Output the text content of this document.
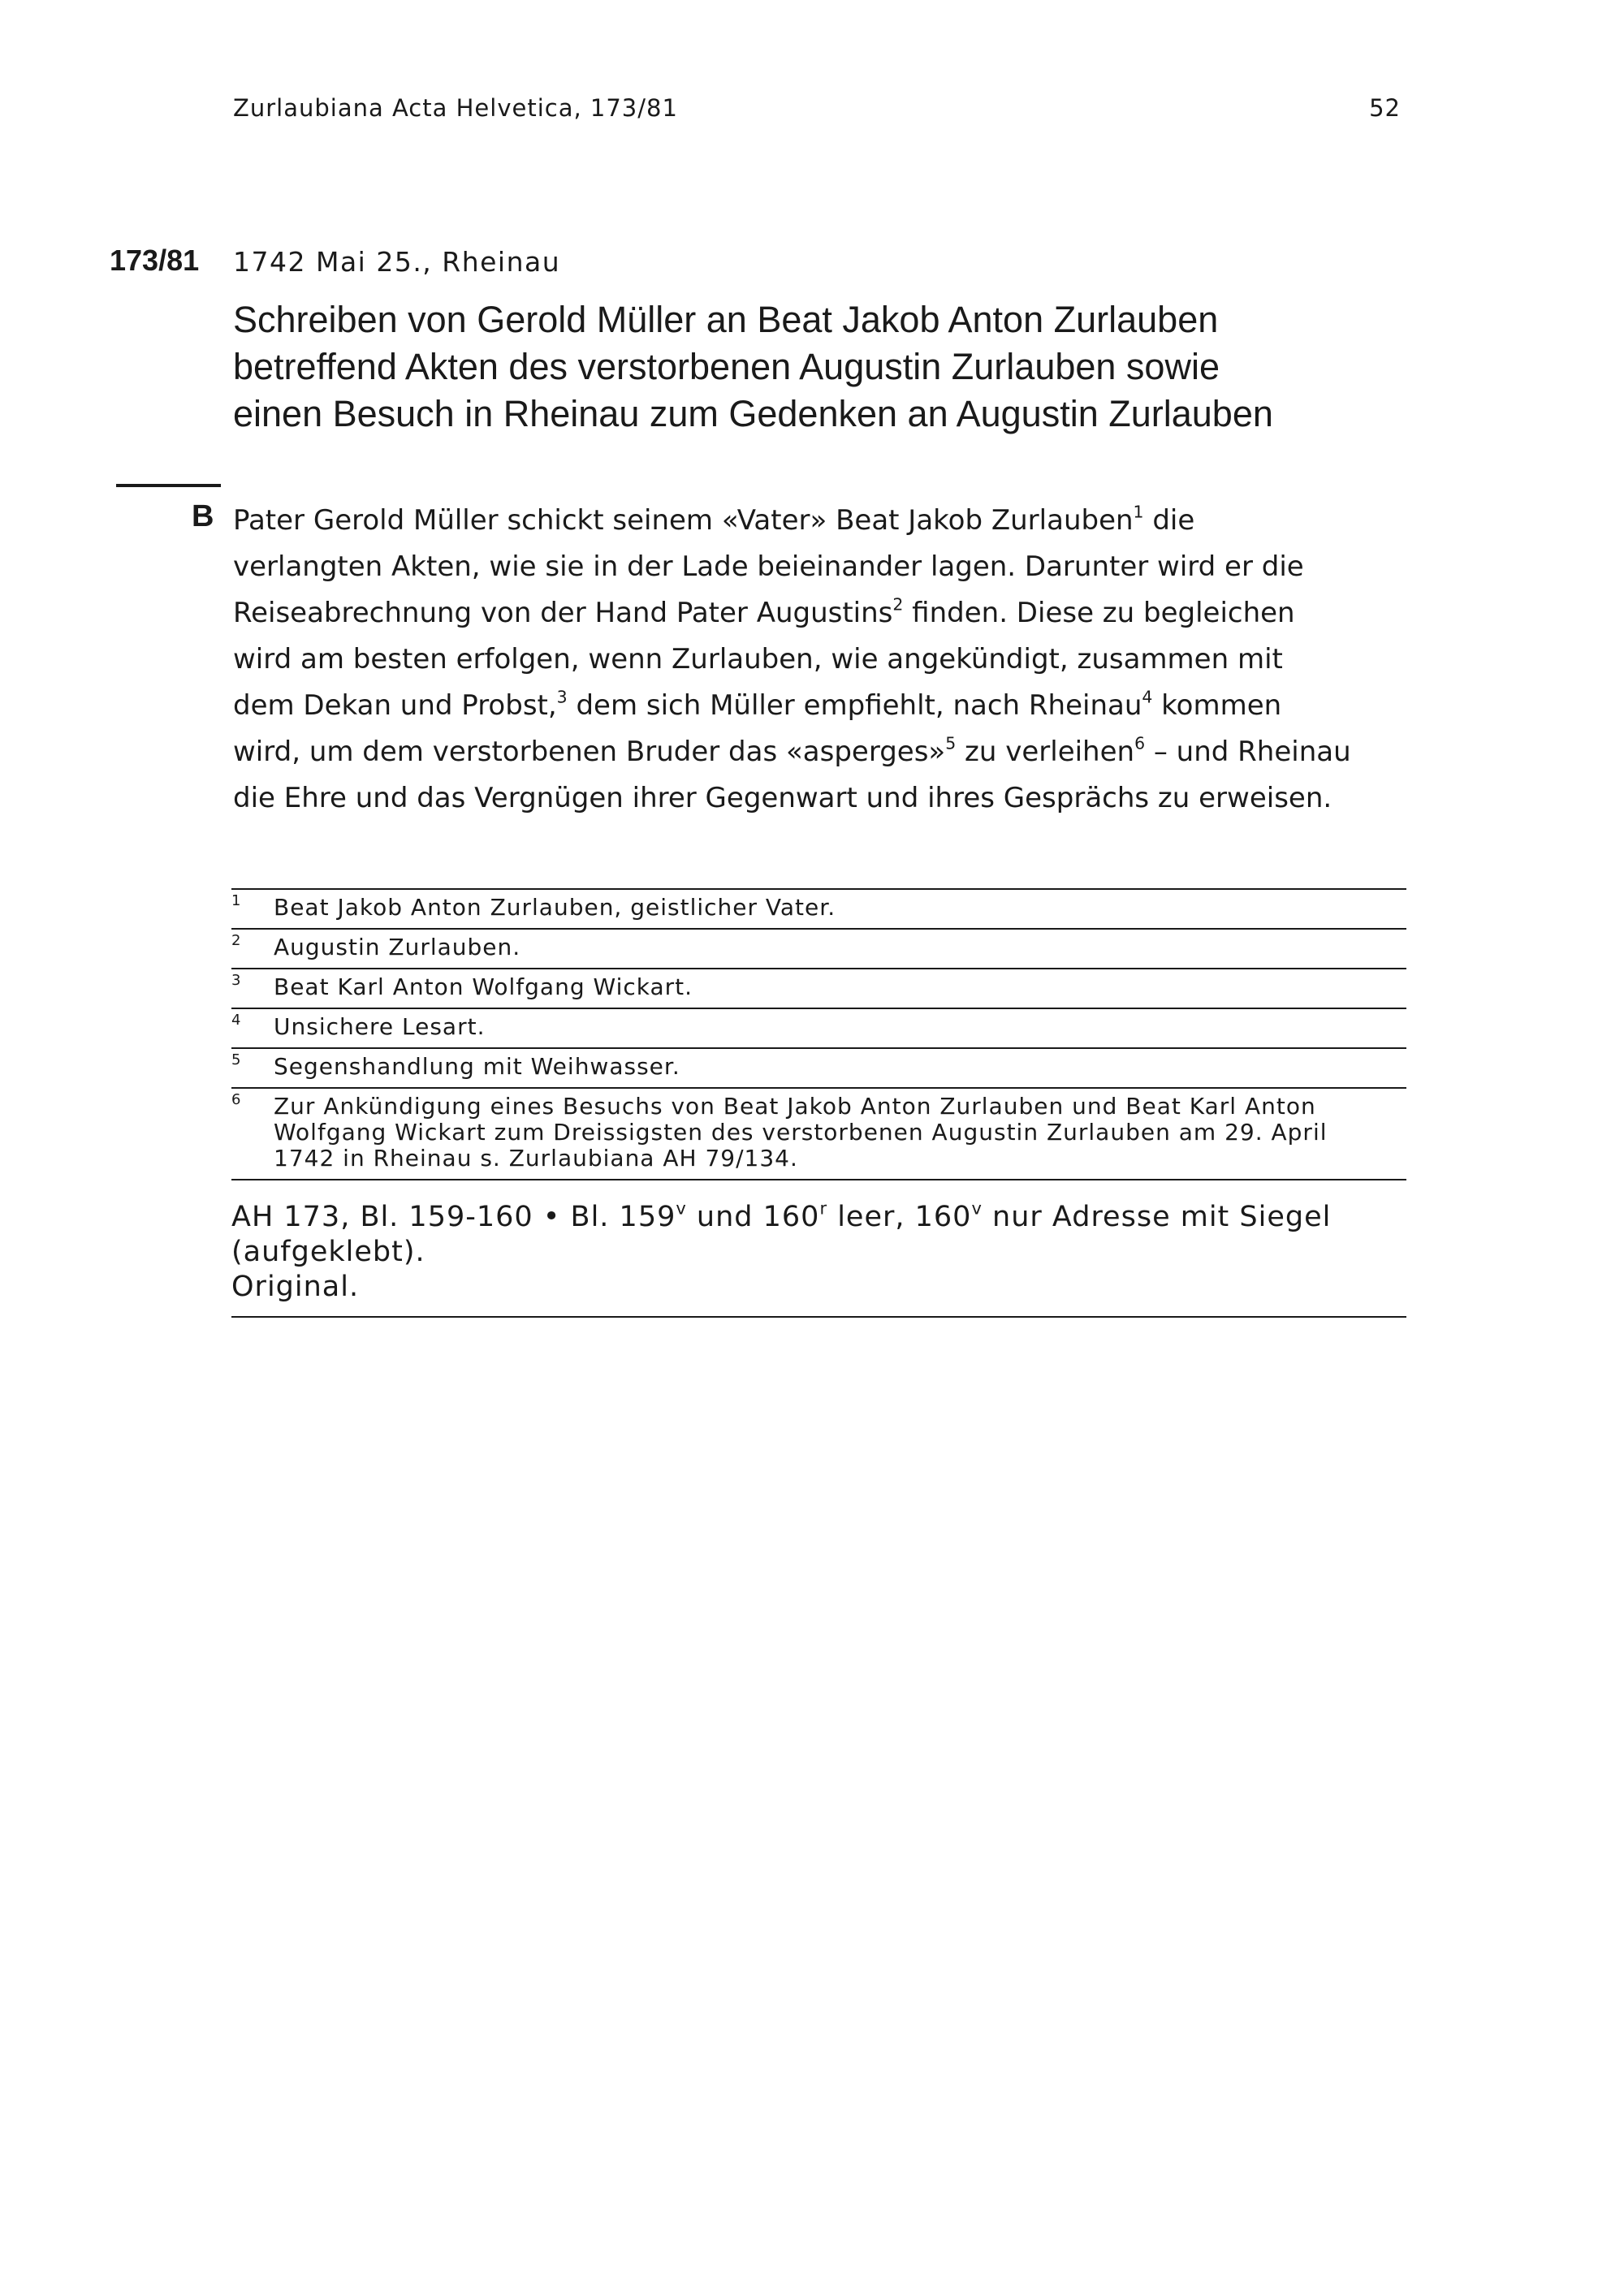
Zurlaubiana Acta Helvetica, 173/81	52
173/81 1742 Mai 25., Rheinau
Schreiben von Gerold Müller an Beat Jakob Anton Zurlauben
betreffend Akten des verstorbenen Augustin Zurlauben sowie
einen Besuch in Rheinau zum Gedenken an Augustin Zurlauben
B Pater Gerold Müller schickt seinem «Vater» Beat Jakob Zurlauben$^1$ die
verlangten Akten, wie sie in der Lade beieinander lagen. Darunter wird er die
Reiseabrechnung von der Hand Pater Augustins$^2$ finden. Diese zu begleichen
wird am besten erfolgen, wenn Zurlauben, wie angekündigt, zusammen mit
dem Dekan und Probst,$^3$ dem sich Müller empfiehlt, nach Rheinau$^4$ kommen
wird, um dem verstorbenen Bruder das «asperges»$^5$ zu verleihen$^6$ – und Rheinau
die Ehre und das Vergnügen ihrer Gegenwart und ihres Gesprächs zu erweisen.
1 Beat Jakob Anton Zurlauben, geistlicher Vater.
2 Augustin Zurlauben.
3 Beat Karl Anton Wolfgang Wickart.
4 Unsichere Lesart.
5 Segenshandlung mit Weihwasser.
6 Zur Ankündigung eines Besuchs von Beat Jakob Anton Zurlauben und Beat Karl Anton
Wolfgang Wickart zum Dreissigsten des verstorbenen Augustin Zurlauben am 29. April
1742 in Rheinau s. Zurlaubiana AH 79/134.
AH 173, Bl. 159-160 • Bl. 159$^v$ und 160$^r$ leer, 160$^v$ nur Adresse mit Siegel
(aufgeklebt).
Original.
